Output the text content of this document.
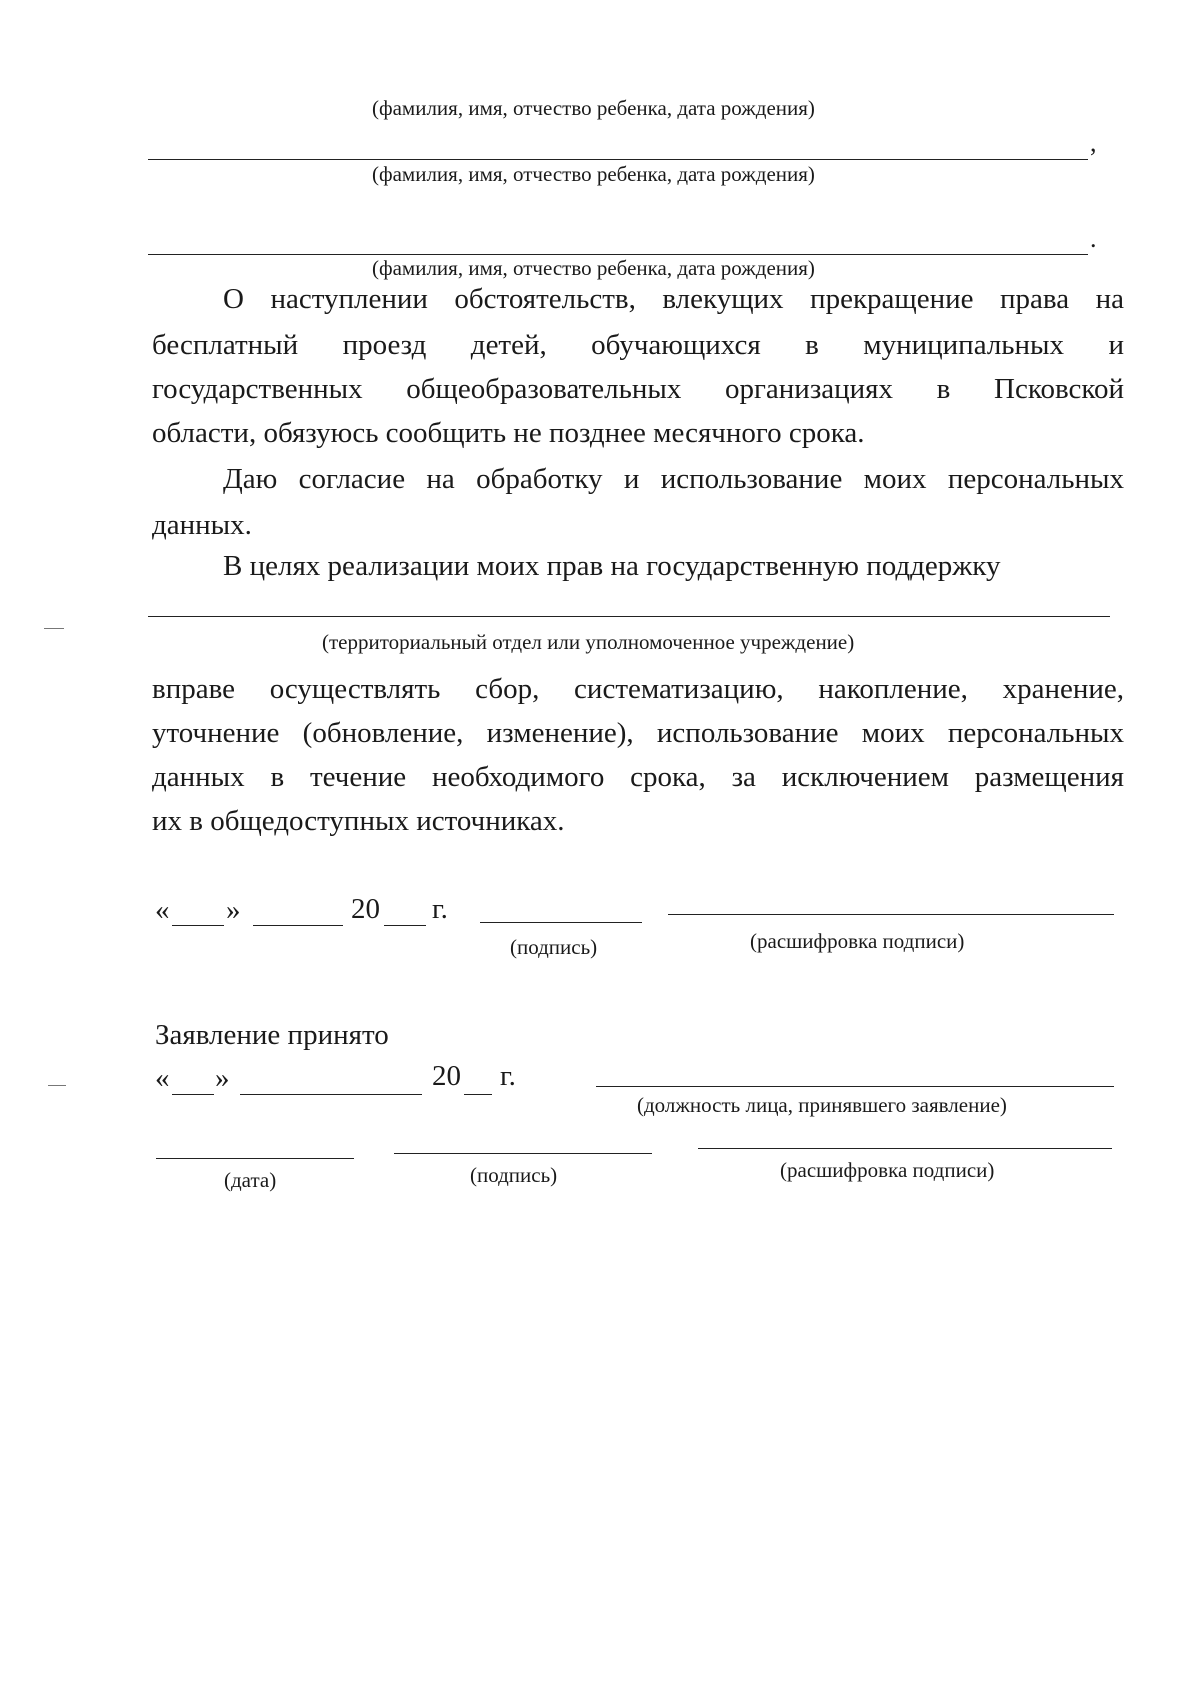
(фамилия, имя, отчество ребенка, дата рождения)
,
(фамилия, имя, отчество ребенка, дата рождения)
.
(фамилия, имя, отчество ребенка, дата рождения)
О наступлении обстоятельств, влекущих прекращение права на
бесплатный проезд детей, обучающихся в муниципальных и
государственных общеобразовательных организациях в Псковской
области, обязуюсь сообщить не позднее месячного срока.
Даю согласие на обработку и использование моих персональных
данных.
В целях реализации моих прав на государственную поддержку
(территориальный отдел или уполномоченное учреждение)
вправе осуществлять сбор, систематизацию, накопление, хранение,
уточнение (обновление, изменение), использование моих персональных
данных в течение необходимого срока, за исключением размещения
их в общедоступных источниках.
« »	20 г.
(подпись)	(расшифровка подписи)
Заявление принято
« »	20 г.
(должность лица, принявшего заявление)
(дата)	(подпись)	(расшифровка подписи)
